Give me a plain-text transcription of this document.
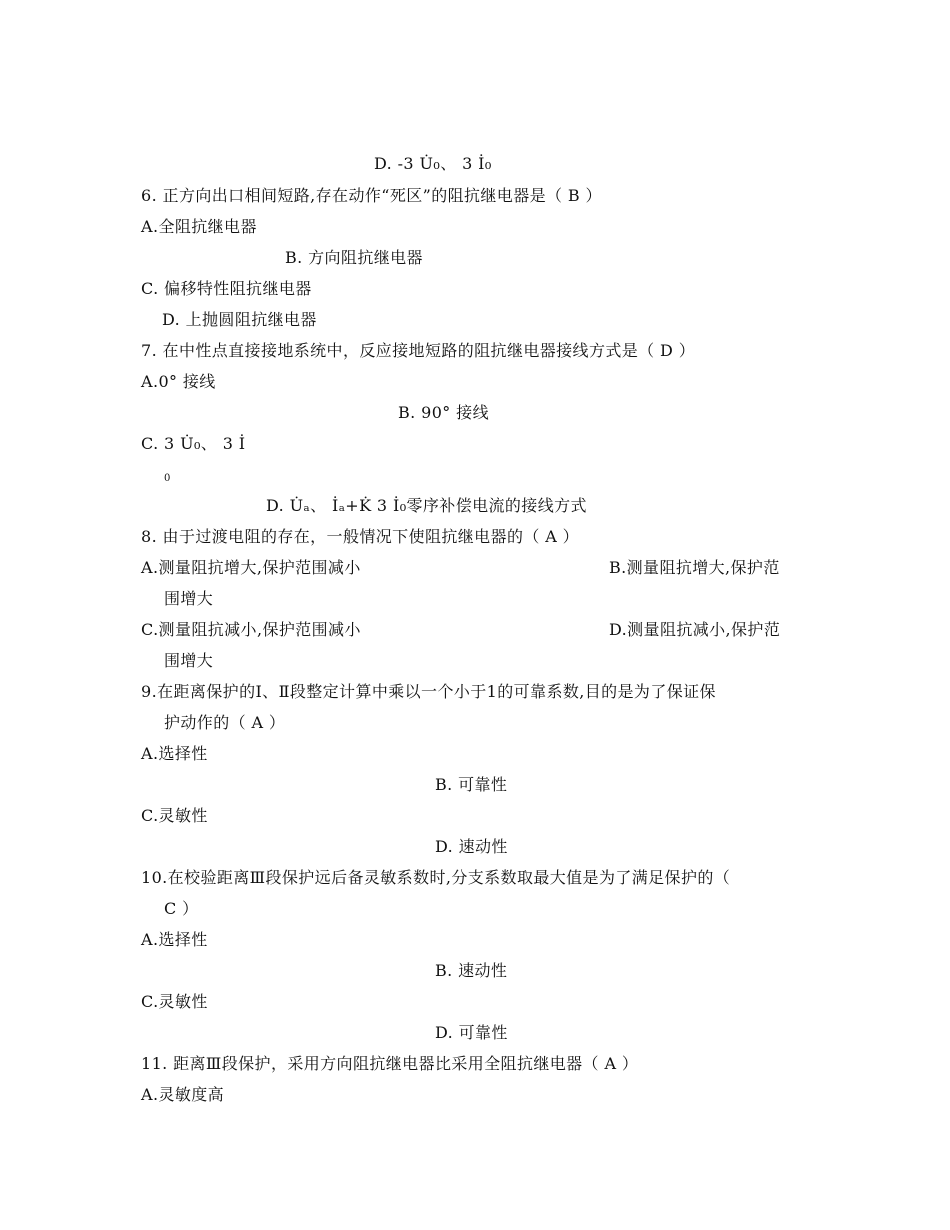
D. -3 U̇₀、 3 İ₀
6. 正方向出口相间短路,存在动作“死区”的阻抗继电器是（ B ）
A.全阻抗继电器
B. 方向阻抗继电器
C. 偏移特性阻抗继电器
D. 上抛圆阻抗继电器
7. 在中性点直接接地系统中，反应接地短路的阻抗继电器接线方式是（ D ）
A.0° 接线
B. 90° 接线
C. 3 U̇₀、 3 İ
0
D. U̇ₐ、 İₐ+K̇ 3 İ₀零序补偿电流的接线方式
8. 由于过渡电阻的存在，一般情况下使阻抗继电器的（ A ）
A.测量阻抗增大,保护范围减小	B.测量阻抗增大,保护范
围增大
C.测量阻抗减小,保护范围减小	D.测量阻抗减小,保护范
围增大
9.在距离保护的Ⅰ、Ⅱ段整定计算中乘以一个小于1的可靠系数,目的是为了保证保
护动作的（ A ）
A.选择性
B. 可靠性
C.灵敏性
D. 速动性
10.在校验距离Ⅲ段保护远后备灵敏系数时,分支系数取最大值是为了满足保护的（
C ）
A.选择性
B. 速动性
C.灵敏性
D. 可靠性
11. 距离Ⅲ段保护，采用方向阻抗继电器比采用全阻抗继电器（ A ）
A.灵敏度高
